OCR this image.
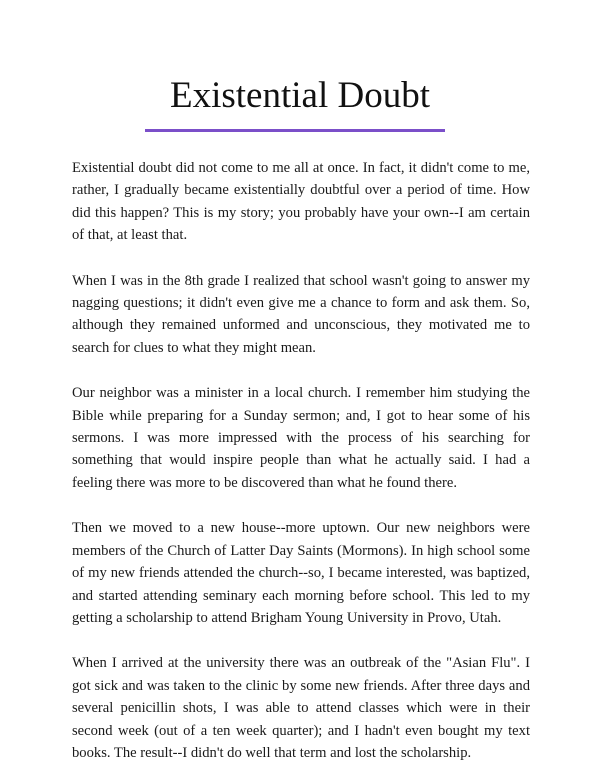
Existential Doubt

Existential doubt did not come to me all at once. In fact, it didn't come to me, rather, I gradually became existentially doubtful over a period of time. How did this happen? This is my story; you probably have your own--I am certain of that, at least that.

When I was in the 8th grade I realized that school wasn't going to answer my nagging questions; it didn't even give me a chance to form and ask them. So, although they remained unformed and unconscious, they motivated me to search for clues to what they might mean.

Our neighbor was a minister in a local church. I remember him studying the Bible while preparing for a Sunday sermon; and, I got to hear some of his sermons. I was more impressed with the process of his searching for something that would inspire people than what he actually said. I had a feeling there was more to be discovered than what he found there.

Then we moved to a new house--more uptown. Our new neighbors were members of the Church of Latter Day Saints (Mormons). In high school some of my new friends attended the church--so, I became interested, was baptized, and started attending seminary each morning before school. This led to my getting a scholarship to attend Brigham Young University in Provo, Utah.

When I arrived at the university there was an outbreak of the "Asian Flu". I got sick and was taken to the clinic by some new friends. After three days and several penicillin shots, I was able to attend classes which were in their second week (out of a ten week quarter); and I hadn't even bought my text books. The result--I didn't do well that term and lost the scholarship.
